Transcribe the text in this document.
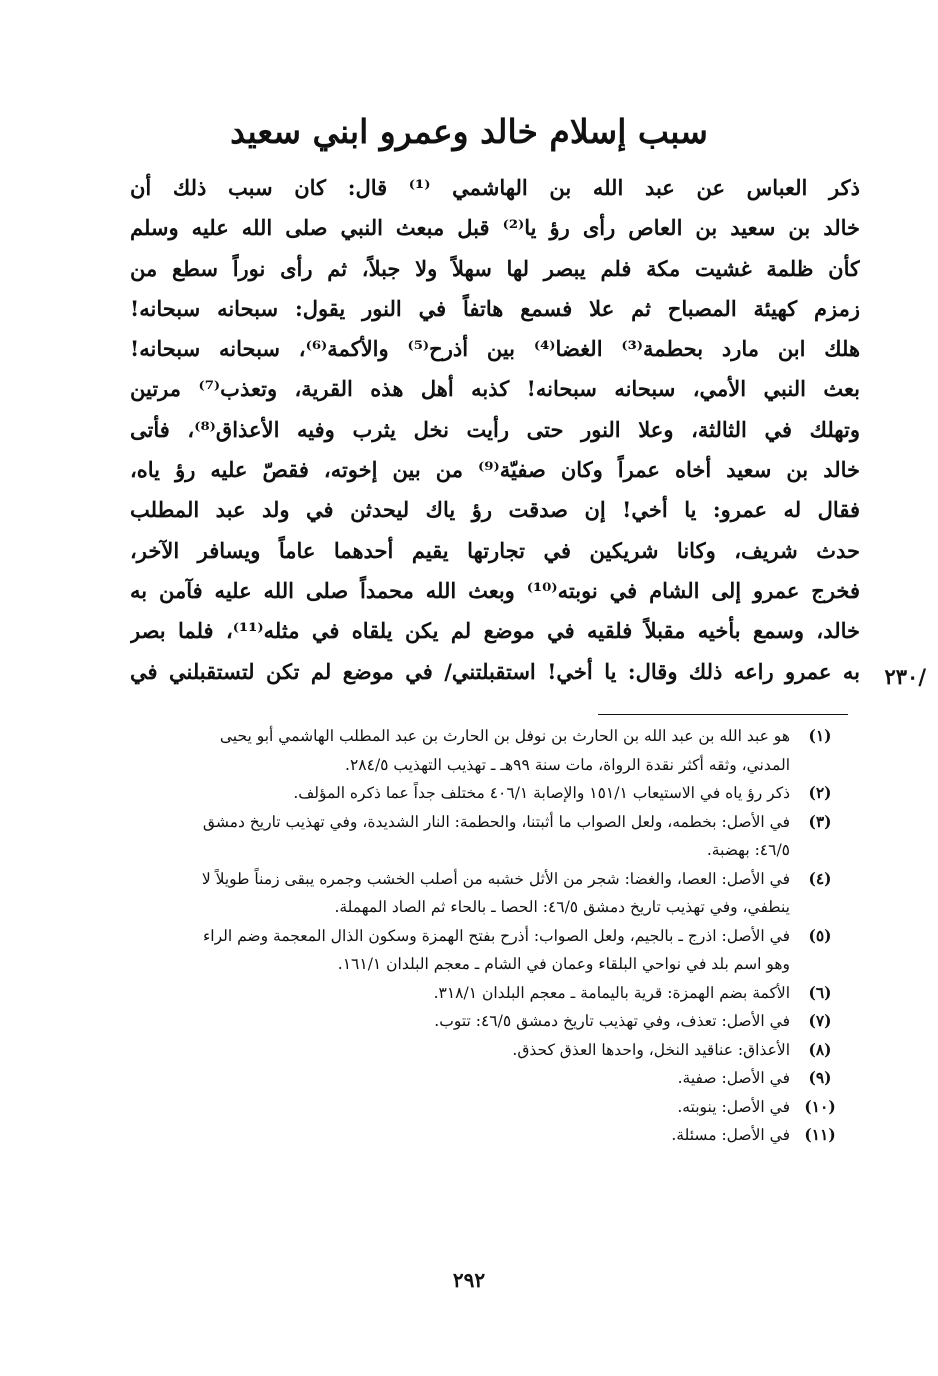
سبب إسلام خالد وعمرو ابني سعيد
ذكر العباس عن عبد الله بن الهاشمي ⁽¹⁾ قال: كان سبب ذلك أن
خالد بن سعيد بن العاص رأى رؤ يا⁽²⁾ قبل مبعث النبي صلى الله عليه وسلم
كأن ظلمة غشيت مكة فلم يبصر لها سهلاً ولا جبلاً، ثم رأى نوراً سطع من
زمزم كهيئة المصباح ثم علا فسمع هاتفاً في النور يقول: سبحانه سبحانه!
هلك ابن مارد بحطمة⁽³⁾ الغضا⁽⁴⁾ بين أذرح⁽⁵⁾ والأكمة⁽⁶⁾، سبحانه سبحانه!
بعث النبي الأمي، سبحانه سبحانه! كذبه أهل هذه القرية، وتعذب⁽⁷⁾ مرتين
وتهلك في الثالثة، وعلا النور حتى رأيت نخل يثرب وفيه الأعذاق⁽⁸⁾، فأتى
خالد بن سعيد أخاه عمراً وكان صفيّة⁽⁹⁾ من بين إخوته، فقصّ عليه رؤ ياه،
فقال له عمرو: يا أخي! إن صدقت رؤ ياك ليحدثن في ولد عبد المطلب
حدث شريف، وكانا شريكين في تجارتها يقيم أحدهما عاماً ويسافر الآخر،
فخرج عمرو إلى الشام في نوبته⁽¹⁰⁾ وبعث الله محمداً صلى الله عليه فآمن به
خالد، وسمع بأخيه مقبلاً فلقيه في موضع لم يكن يلقاه في مثله⁽¹¹⁾، فلما بصر
به عمرو راعه ذلك وقال: يا أخي! استقبلتني/ في موضع لم تكن لتستقبلني في	/٢٣٠
(١)
هو عبد الله بن عبد الله بن الحارث بن نوفل بن الحارث بن عبد المطلب الهاشمي أبو يحيى المدني، وثقه أكثر نقدة الرواة، مات سنة ٩٩هـ ـ تهذيب التهذيب ٢٨٤/٥.
(٢)
ذكر رؤ ياه في الاستيعاب ١٥١/١ والإصابة ٤٠٦/١ مختلف جداً عما ذكره المؤلف.
(٣)
في الأصل: بخطمه، ولعل الصواب ما أثبتنا، والحطمة: النار الشديدة، وفي تهذيب تاريخ دمشق ٤٦/٥: بهضبة.
(٤)
في الأصل: العصا، والغضا: شجر من الأثل خشبه من أصلب الخشب وجمره يبقى زمناً طويلاً لا ينطفي، وفي تهذيب تاريخ دمشق ٤٦/٥: الحصا ـ بالحاء ثم الصاد المهملة.
(٥)
في الأصل: اذرج ـ بالجيم، ولعل الصواب: أذرح بفتح الهمزة وسكون الذال المعجمة وضم الراء وهو اسم بلد في نواحي البلقاء وعمان في الشام ـ معجم البلدان ١٦١/١.
(٦)
الأكمة بضم الهمزة: قرية باليمامة ـ معجم البلدان ٣١٨/١.
(٧)
في الأصل: تعذف، وفي تهذيب تاريخ دمشق ٤٦/٥: تتوب.
(٨)
الأعذاق: عناقيد النخل، واحدها العذق كحذق.
(٩)
في الأصل: صفية.
(١٠)
في الأصل: ينوبته.
(١١)
في الأصل: مسئلة.
٢٩٢
